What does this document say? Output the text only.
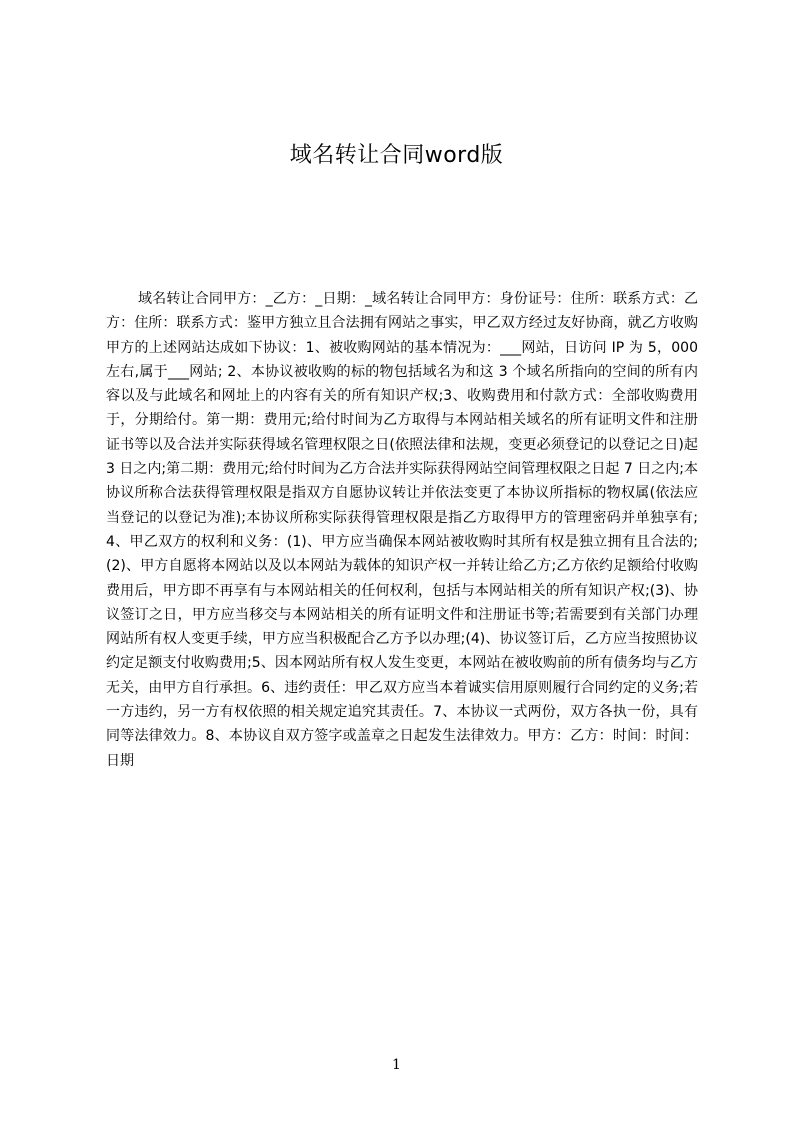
域名转让合同word版

域名转让合同甲方：_乙方：_日期：_域名转让合同甲方：身份证号：住所：联系方式：乙方：住所：联系方式：鉴甲方独立且合法拥有网站之事实，甲乙双方经过友好协商，就乙方收购甲方的上述网站达成如下协议：1、被收购网站的基本情况为：___网站，日访问 IP 为 5，000 左右,属于___网站; 2、本协议被收购的标的物包括域名为和这 3 个域名所指向的空间的所有内容以及与此域名和网址上的内容有关的所有知识产权;3、收购费用和付款方式：全部收购费用于，分期给付。第一期：费用元;给付时间为乙方取得与本网站相关域名的所有证明文件和注册证书等以及合法并实际获得域名管理权限之日(依照法律和法规，变更必须登记的以登记之日)起 3 日之内;第二期：费用元;给付时间为乙方合法并实际获得网站空间管理权限之日起 7 日之内;本协议所称合法获得管理权限是指双方自愿协议转让并依法变更了本协议所指标的物权属(依法应当登记的以登记为准);本协议所称实际获得管理权限是指乙方取得甲方的管理密码并单独享有;4、甲乙双方的权利和义务：(1)、甲方应当确保本网站被收购时其所有权是独立拥有且合法的;(2)、甲方自愿将本网站以及以本网站为载体的知识产权一并转让给乙方;乙方依约足额给付收购费用后，甲方即不再享有与本网站相关的任何权利，包括与本网站相关的所有知识产权;(3)、协议签订之日，甲方应当移交与本网站相关的所有证明文件和注册证书等;若需要到有关部门办理网站所有权人变更手续，甲方应当积极配合乙方予以办理;(4)、协议签订后，乙方应当按照协议约定足额支付收购费用;5、因本网站所有权人发生变更，本网站在被收购前的所有债务均与乙方无关，由甲方自行承担。6、违约责任：甲乙双方应当本着诚实信用原则履行合同约定的义务;若一方违约，另一方有权依照的相关规定追究其责任。7、本协议一式两份，双方各执一份，具有同等法律效力。8、本协议自双方签字或盖章之日起发生法律效力。甲方：乙方：时间：时间：日期

1
